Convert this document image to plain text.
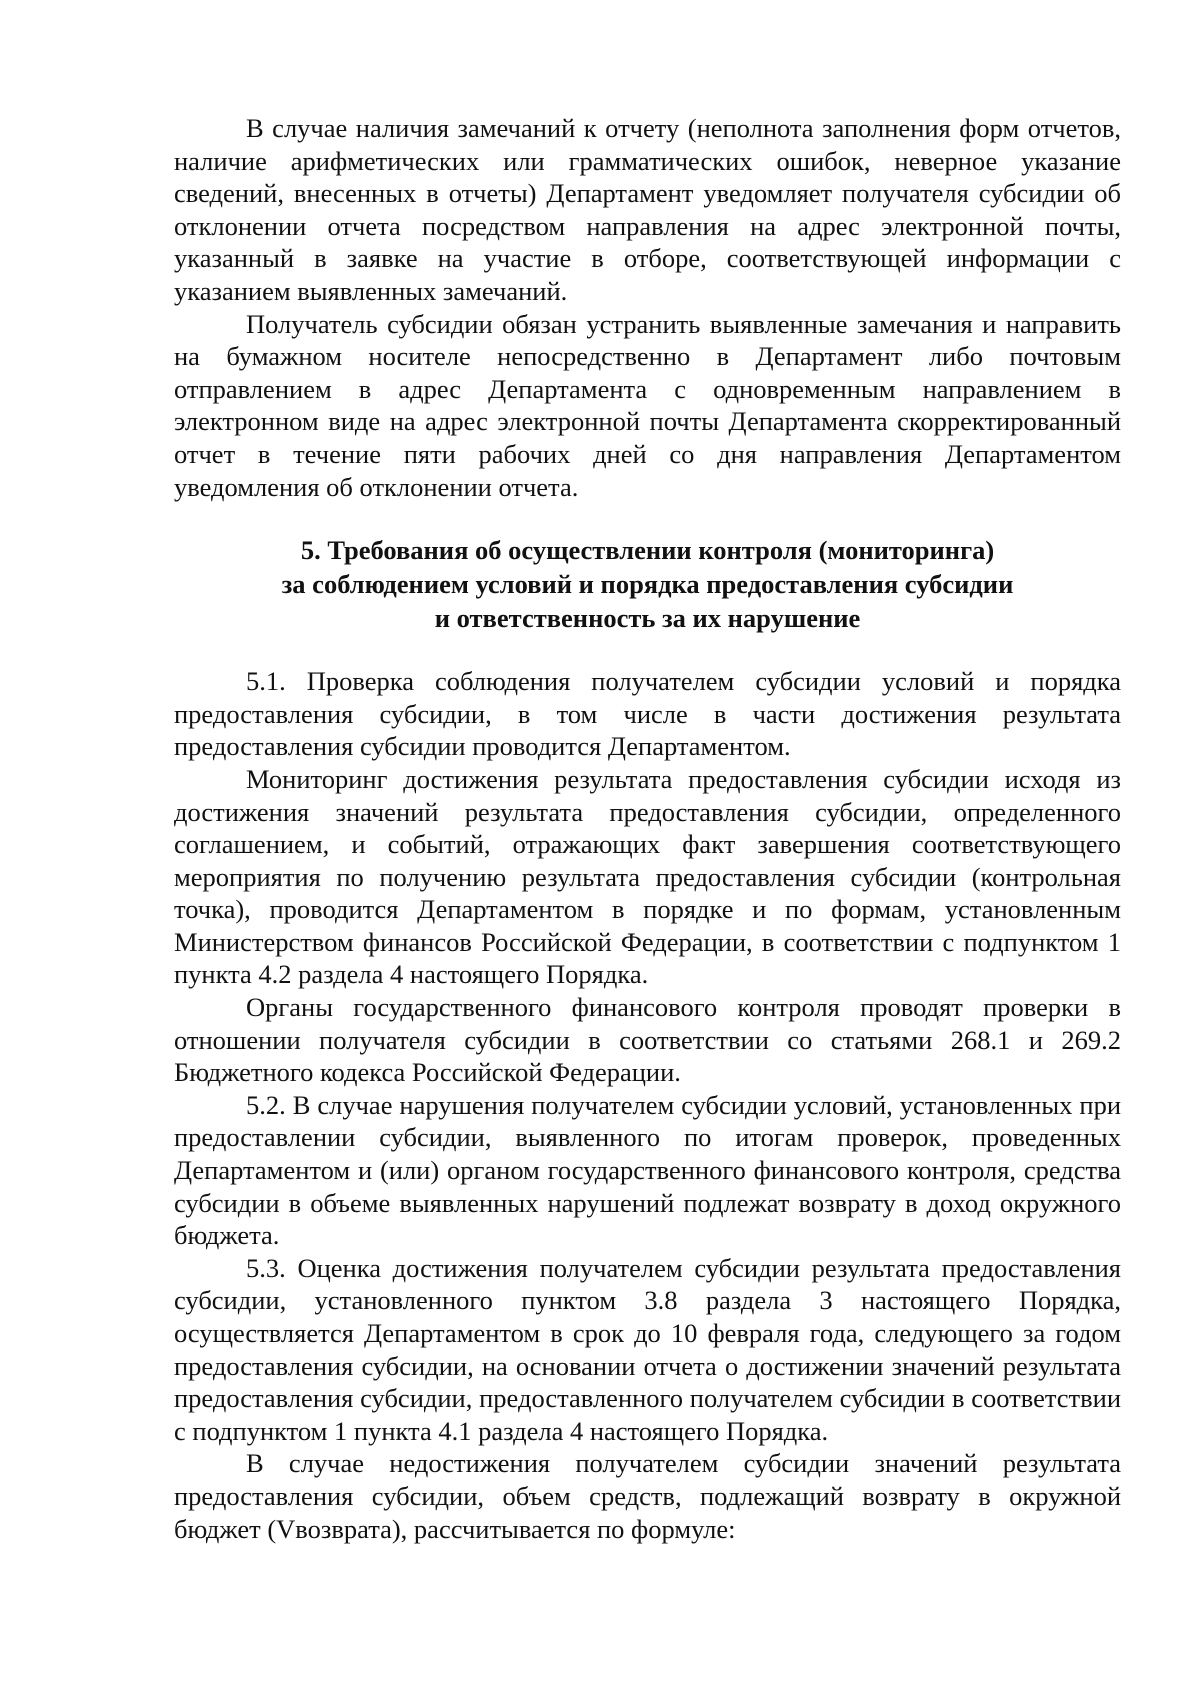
В случае наличия замечаний к отчету (неполнота заполнения форм отчетов, наличие арифметических или грамматических ошибок, неверное указание сведений, внесенных в отчеты) Департамент уведомляет получателя субсидии об отклонении отчета посредством направления на адрес электронной почты, указанный в заявке на участие в отборе, соответствующей информации с указанием выявленных замечаний.

Получатель субсидии обязан устранить выявленные замечания и направить на бумажном носителе непосредственно в Департамент либо почтовым отправлением в адрес Департамента с одновременным направлением в электронном виде на адрес электронной почты Департамента скорректированный отчет в течение пяти рабочих дней со дня направления Департаментом уведомления об отклонении отчета.

5. Требования об осуществлении контроля (мониторинга)
за соблюдением условий и порядка предоставления субсидии
и ответственность за их нарушение

5.1. Проверка соблюдения получателем субсидии условий и порядка предоставления субсидии, в том числе в части достижения результата предоставления субсидии проводится Департаментом.

Мониторинг достижения результата предоставления субсидии исходя из достижения значений результата предоставления субсидии, определенного соглашением, и событий, отражающих факт завершения соответствующего мероприятия по получению результата предоставления субсидии (контрольная точка), проводится Департаментом в порядке и по формам, установленным Министерством финансов Российской Федерации, в соответствии с подпунктом 1 пункта 4.2 раздела 4 настоящего Порядка.

Органы государственного финансового контроля проводят проверки в отношении получателя субсидии в соответствии со статьями 268.1 и 269.2 Бюджетного кодекса Российской Федерации.

5.2. В случае нарушения получателем субсидии условий, установленных при предоставлении субсидии, выявленного по итогам проверок, проведенных Департаментом и (или) органом государственного финансового контроля, средства субсидии в объеме выявленных нарушений подлежат возврату в доход окружного бюджета.

5.3. Оценка достижения получателем субсидии результата предоставления субсидии, установленного пунктом 3.8 раздела 3 настоящего Порядка, осуществляется Департаментом в срок до 10 февраля года, следующего за годом предоставления субсидии, на основании отчета о достижении значений результата предоставления субсидии, предоставленного получателем субсидии в соответствии с подпунктом 1 пункта 4.1 раздела 4 настоящего Порядка.

В случае недостижения получателем субсидии значений результата предоставления субсидии, объем средств, подлежащий возврату в окружной бюджет (Vвозврата), рассчитывается по формуле:
